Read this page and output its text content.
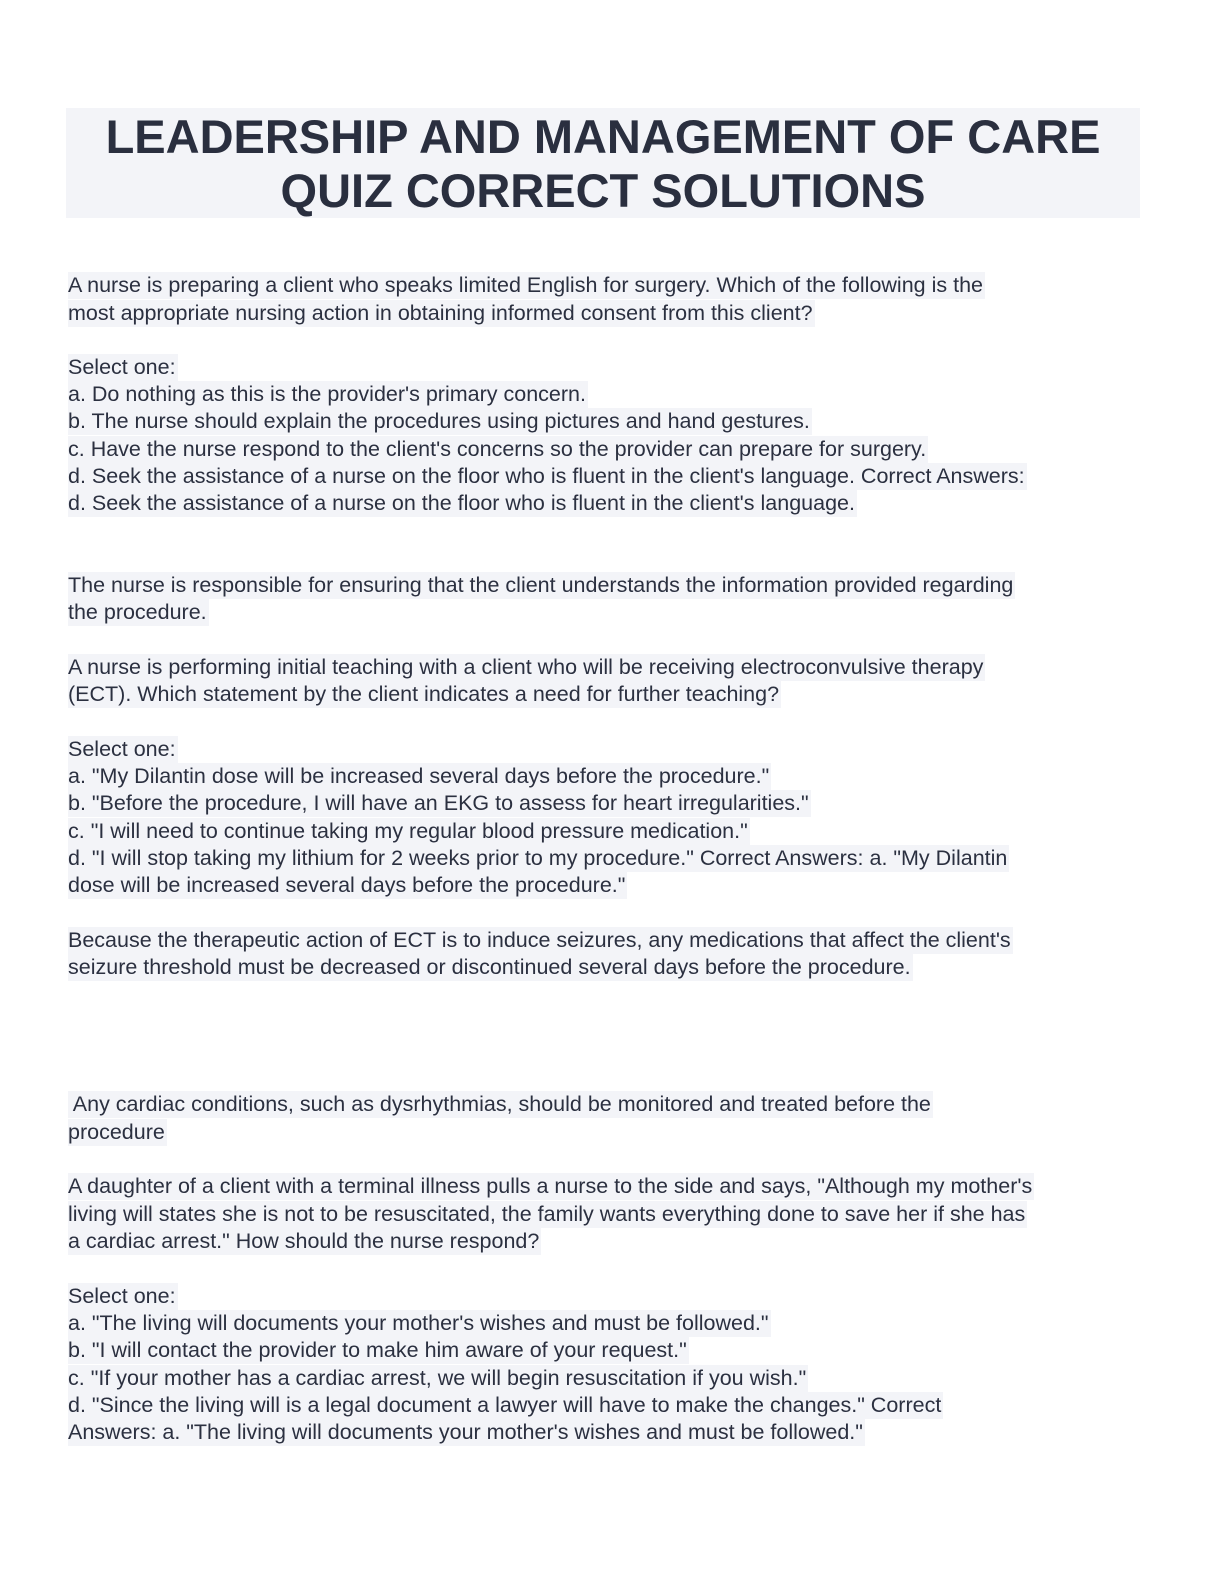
LEADERSHIP AND MANAGEMENT OF CARE
QUIZ CORRECT SOLUTIONS
A nurse is preparing a client who speaks limited English for surgery. Which of the following is the
most appropriate nursing action in obtaining informed consent from this client?
Select one:
a. Do nothing as this is the provider's primary concern.
b. The nurse should explain the procedures using pictures and hand gestures.
c. Have the nurse respond to the client's concerns so the provider can prepare for surgery.
d. Seek the assistance of a nurse on the floor who is fluent in the client's language. Correct Answers:
d. Seek the assistance of a nurse on the floor who is fluent in the client's language.
The nurse is responsible for ensuring that the client understands the information provided regarding
the procedure.
A nurse is performing initial teaching with a client who will be receiving electroconvulsive therapy
(ECT). Which statement by the client indicates a need for further teaching?
Select one:
a. "My Dilantin dose will be increased several days before the procedure."
b. "Before the procedure, I will have an EKG to assess for heart irregularities."
c. "I will need to continue taking my regular blood pressure medication."
d. "I will stop taking my lithium for 2 weeks prior to my procedure." Correct Answers: a. "My Dilantin
dose will be increased several days before the procedure."
Because the therapeutic action of ECT is to induce seizures, any medications that affect the client's
seizure threshold must be decreased or discontinued several days before the procedure.
Any cardiac conditions, such as dysrhythmias, should be monitored and treated before the
procedure
A daughter of a client with a terminal illness pulls a nurse to the side and says, "Although my mother's
living will states she is not to be resuscitated, the family wants everything done to save her if she has
a cardiac arrest." How should the nurse respond?
Select one:
a. "The living will documents your mother's wishes and must be followed."
b. "I will contact the provider to make him aware of your request."
c. "If your mother has a cardiac arrest, we will begin resuscitation if you wish."
d. "Since the living will is a legal document a lawyer will have to make the changes." Correct
Answers: a. "The living will documents your mother's wishes and must be followed."
